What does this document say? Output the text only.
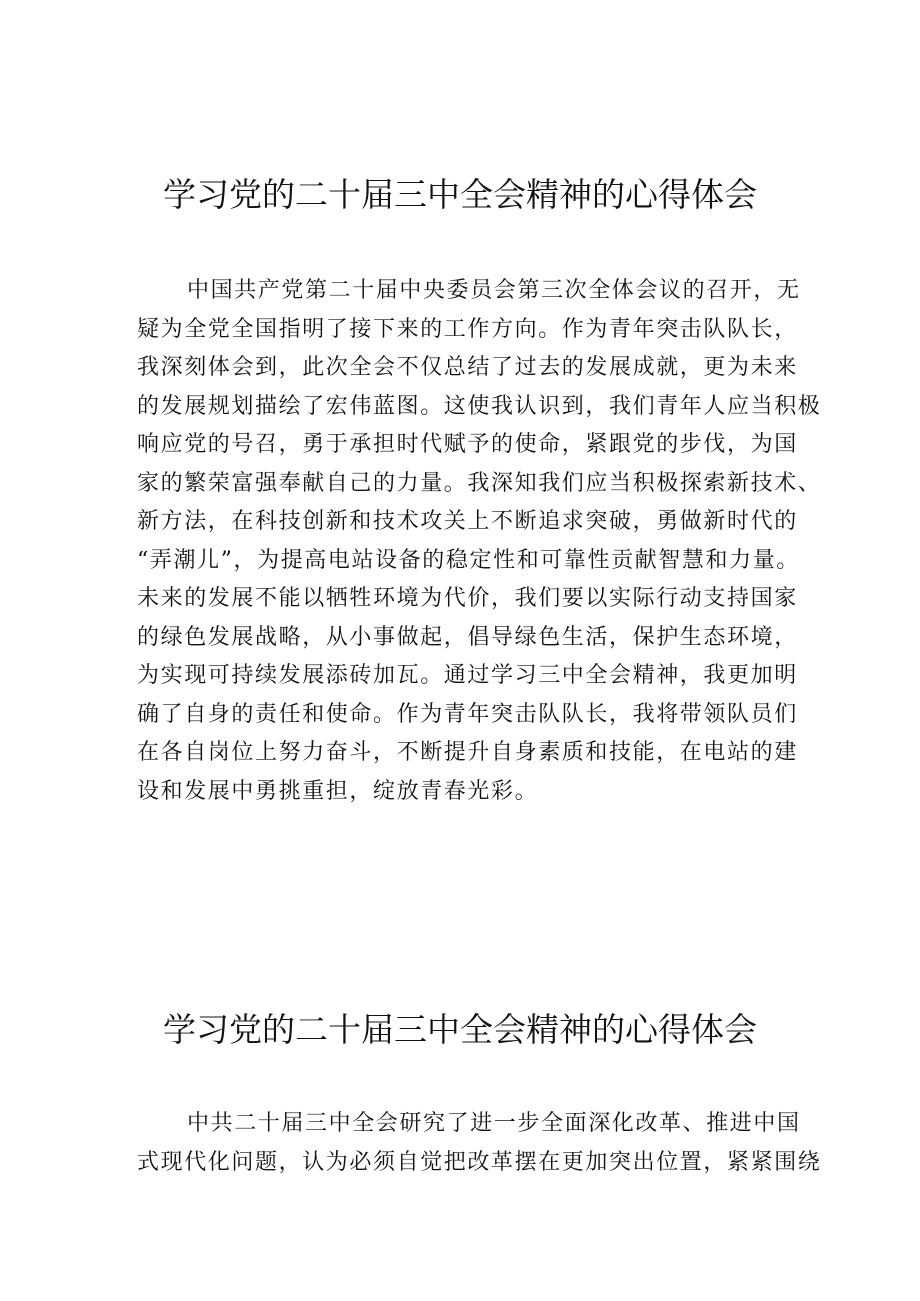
学习党的二十届三中全会精神的心得体会
中国共产党第二十届中央委员会第三次全体会议的召开，无
疑为全党全国指明了接下来的工作方向。作为青年突击队队长，
我深刻体会到，此次全会不仅总结了过去的发展成就，更为未来
的发展规划描绘了宏伟蓝图。这使我认识到，我们青年人应当积极
响应党的号召，勇于承担时代赋予的使命，紧跟党的步伐，为国
家的繁荣富强奉献自己的力量。我深知我们应当积极探索新技术、
新方法，在科技创新和技术攻关上不断追求突破，勇做新时代的
“弄潮儿”，为提高电站设备的稳定性和可靠性贡献智慧和力量。
未来的发展不能以牺牲环境为代价，我们要以实际行动支持国家
的绿色发展战略，从小事做起，倡导绿色生活，保护生态环境，
为实现可持续发展添砖加瓦。通过学习三中全会精神，我更加明
确了自身的责任和使命。作为青年突击队队长，我将带领队员们
在各自岗位上努力奋斗，不断提升自身素质和技能，在电站的建
设和发展中勇挑重担，绽放青春光彩。
学习党的二十届三中全会精神的心得体会
中共二十届三中全会研究了进一步全面深化改革、推进中国
式现代化问题，认为必须自觉把改革摆在更加突出位置，紧紧围绕
